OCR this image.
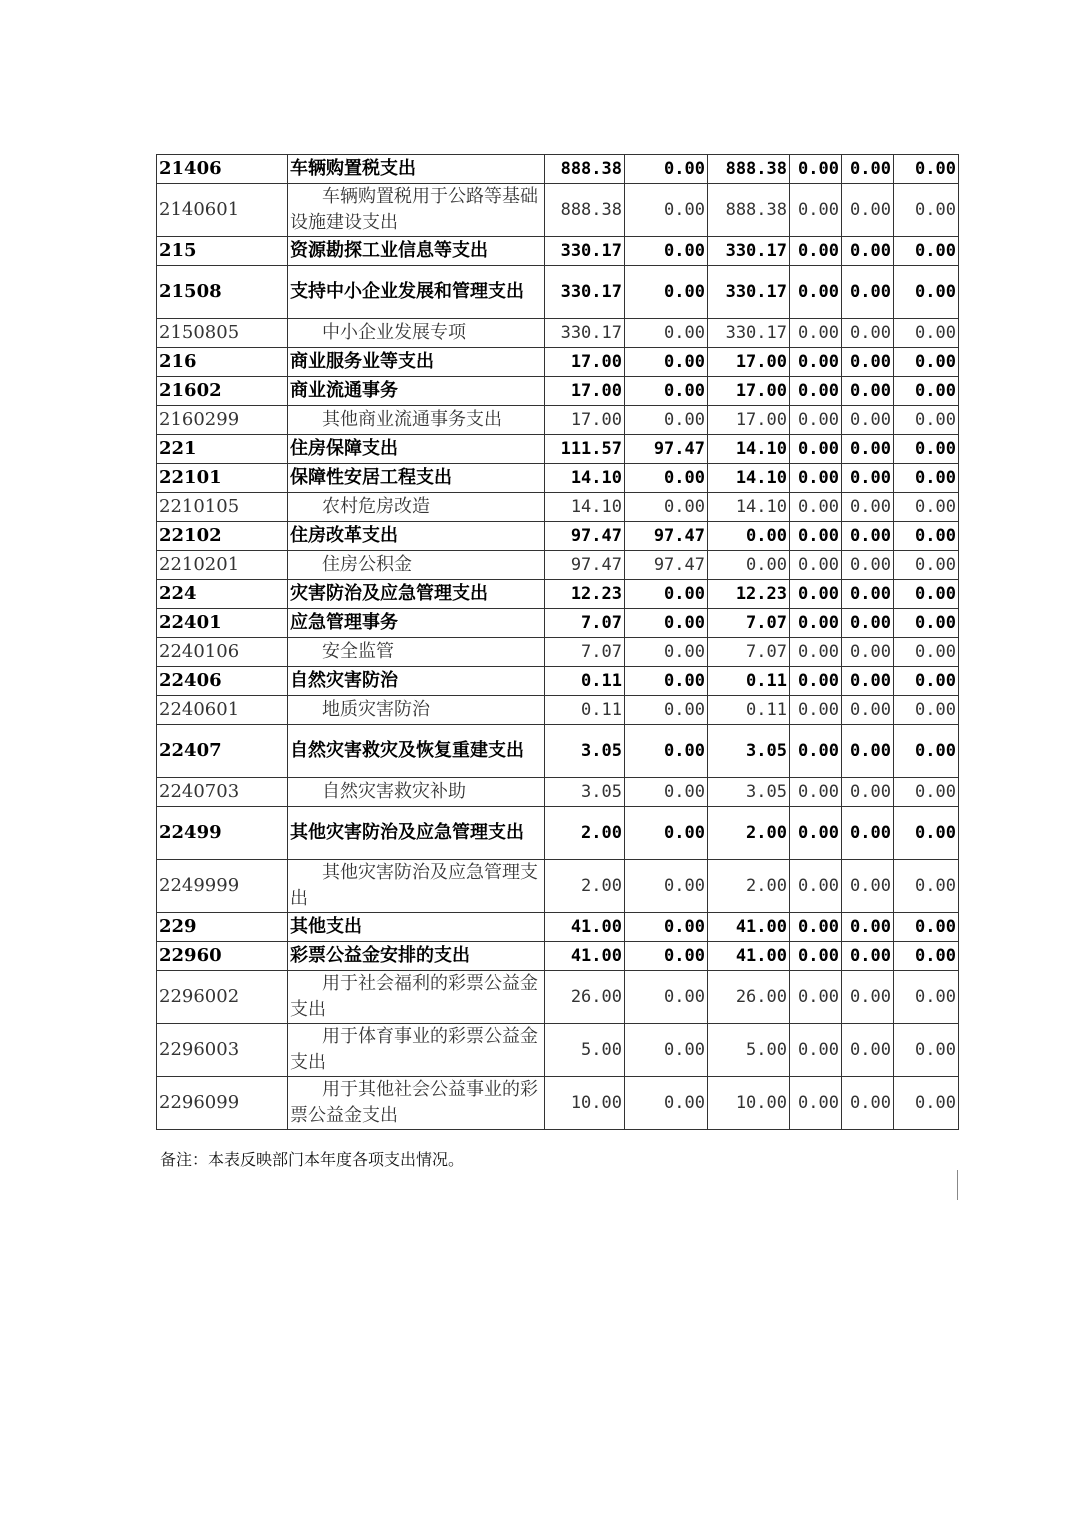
21406	车辆购置税支出	888.38	0.00	888.38	0.00	0.00	0.00
2140601	车辆购置税用于公路等基础设施建设支出	888.38	0.00	888.38	0.00	0.00	0.00
215	资源勘探工业信息等支出	330.17	0.00	330.17	0.00	0.00	0.00
21508	支持中小企业发展和管理支出	330.17	0.00	330.17	0.00	0.00	0.00
2150805	中小企业发展专项	330.17	0.00	330.17	0.00	0.00	0.00
216	商业服务业等支出	17.00	0.00	17.00	0.00	0.00	0.00
21602	商业流通事务	17.00	0.00	17.00	0.00	0.00	0.00
2160299	其他商业流通事务支出	17.00	0.00	17.00	0.00	0.00	0.00
221	住房保障支出	111.57	97.47	14.10	0.00	0.00	0.00
22101	保障性安居工程支出	14.10	0.00	14.10	0.00	0.00	0.00
2210105	农村危房改造	14.10	0.00	14.10	0.00	0.00	0.00
22102	住房改革支出	97.47	97.47	0.00	0.00	0.00	0.00
2210201	住房公积金	97.47	97.47	0.00	0.00	0.00	0.00
224	灾害防治及应急管理支出	12.23	0.00	12.23	0.00	0.00	0.00
22401	应急管理事务	7.07	0.00	7.07	0.00	0.00	0.00
2240106	安全监管	7.07	0.00	7.07	0.00	0.00	0.00
22406	自然灾害防治	0.11	0.00	0.11	0.00	0.00	0.00
2240601	地质灾害防治	0.11	0.00	0.11	0.00	0.00	0.00
22407	自然灾害救灾及恢复重建支出	3.05	0.00	3.05	0.00	0.00	0.00
2240703	自然灾害救灾补助	3.05	0.00	3.05	0.00	0.00	0.00
22499	其他灾害防治及应急管理支出	2.00	0.00	2.00	0.00	0.00	0.00
2249999	其他灾害防治及应急管理支出	2.00	0.00	2.00	0.00	0.00	0.00
229	其他支出	41.00	0.00	41.00	0.00	0.00	0.00
22960	彩票公益金安排的支出	41.00	0.00	41.00	0.00	0.00	0.00
2296002	用于社会福利的彩票公益金支出	26.00	0.00	26.00	0.00	0.00	0.00
2296003	用于体育事业的彩票公益金支出	5.00	0.00	5.00	0.00	0.00	0.00
2296099	用于其他社会公益事业的彩票公益金支出	10.00	0.00	10.00	0.00	0.00	0.00
备注：本表反映部门本年度各项支出情况。
